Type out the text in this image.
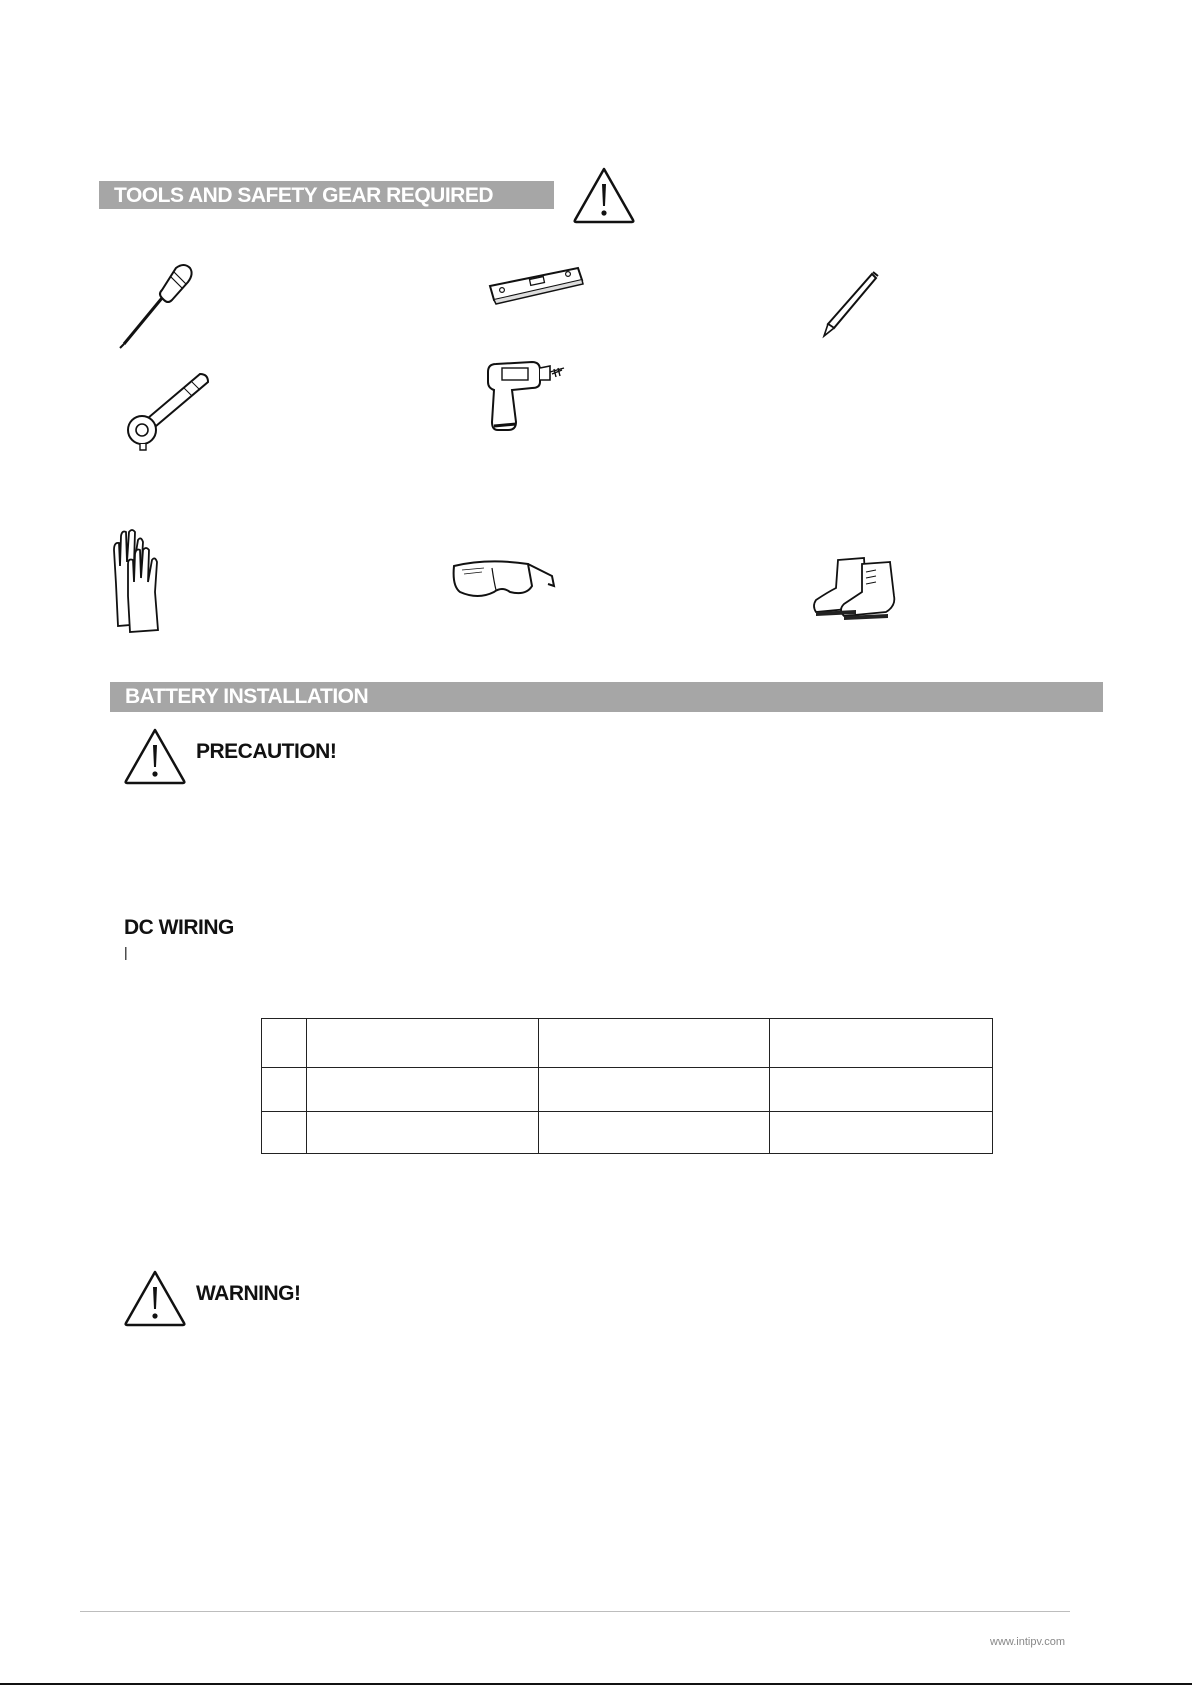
TOOLS AND SAFETY GEAR REQUIRED
BATTERY INSTALLATION
PRECAUTION!
DC WIRING
|

WARNING!
www.intipv.com
